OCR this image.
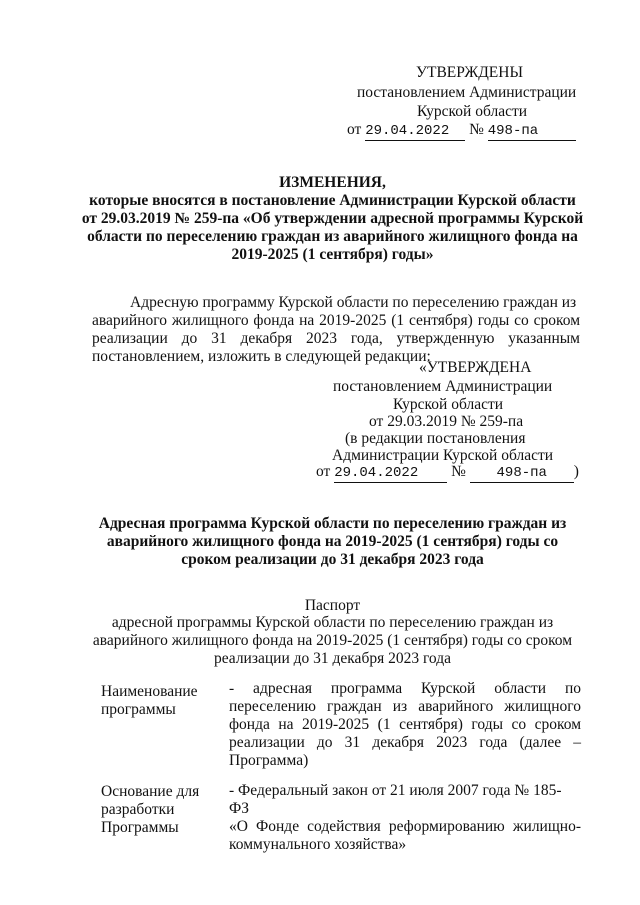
УТВЕРЖДЕНЫ
постановлением Администрации
Курской области
от 29.04.2022 № 498-па
ИЗМЕНЕНИЯ,
которые вносятся в постановление Администрации Курской области
от 29.03.2019 № 259-па «Об утверждении адресной программы Курской
области по переселению граждан из аварийного жилищного фонда на
2019-2025 (1 сентября) годы»
Адресную программу Курской области по переселению граждан из
аварийного жилищного фонда на 2019-2025 (1 сентября) годы со сроком
реализации до 31 декабря 2023 года, утвержденную указанным
постановлением, изложить в следующей редакции:
«УТВЕРЖДЕНА
постановлением Администрации
Курской области
от 29.03.2019 № 259-па
(в редакции постановления
Администрации Курской области
от 29.04.2022 № 498-па )
Адресная программа Курской области по переселению граждан из
аварийного жилищного фонда на 2019-2025 (1 сентября) годы со
сроком реализации до 31 декабря 2023 года
Паспорт
адресной программы Курской области по переселению граждан из
аварийного жилищного фонда на 2019-2025 (1 сентября) годы со сроком
реализации до 31 декабря 2023 года
Наименование
программы
- адресная программа Курской области по
переселению граждан из аварийного жилищного
фонда на 2019-2025 (1 сентября) годы со сроком
реализации до 31 декабря 2023 года (далее –
Программа)
Основание для
разработки
Программы
- Федеральный закон от 21 июля 2007 года № 185-ФЗ
«О Фонде содействия реформированию жилищно-
коммунального хозяйства»
